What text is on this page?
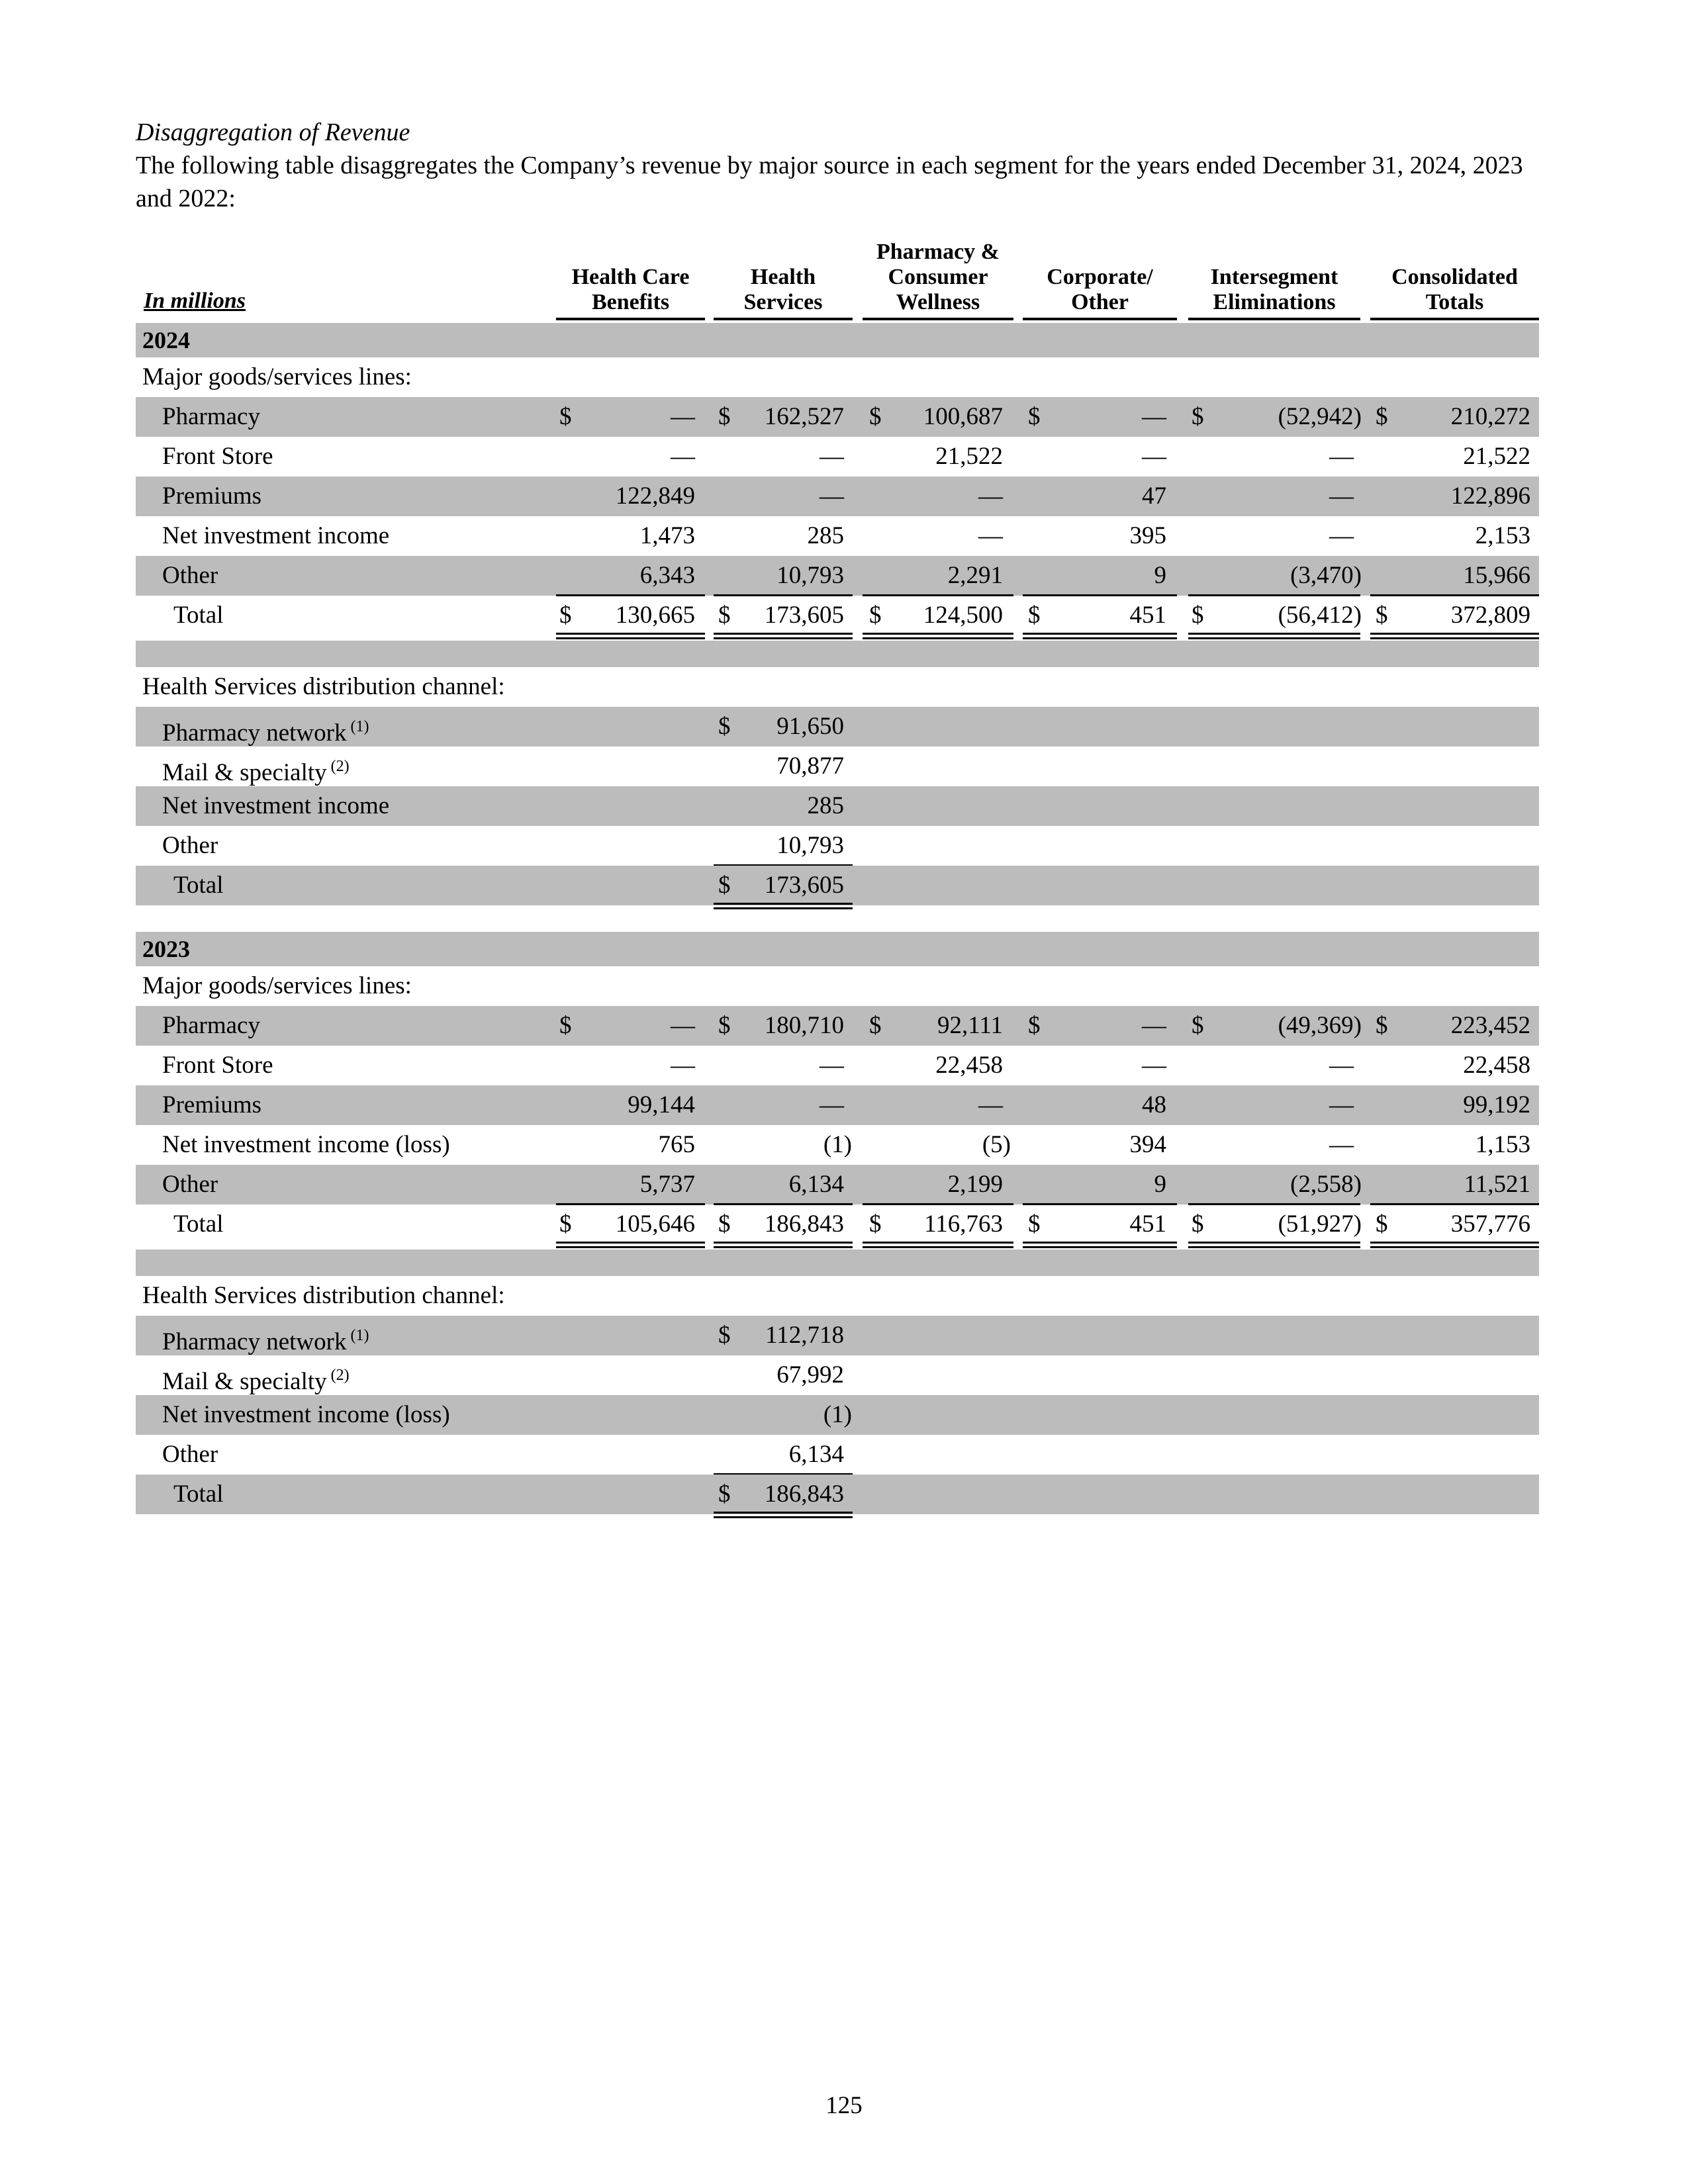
Disaggregation of Revenue
The following table disaggregates the Company’s revenue by major source in each segment for the years ended December 31, 2024, 2023 and 2022:
In millions
Health Care Benefits
Health Services
Pharmacy & Consumer Wellness
Corporate/ Other
Intersegment Eliminations
Consolidated Totals
2024
Major goods/services lines:
Pharmacy	$	— $	162,527 $	100,687 $	— $	(52,942) $	210,272
Front Store	—	—	21,522	—	—	21,522
Premiums	122,849	—	—	47	—	122,896
Net investment income	1,473	285	—	395	—	2,153
Other	6,343	10,793	2,291	9	(3,470)	15,966
Total	$	130,665 $	173,605 $	124,500 $	451 $	(56,412) $	372,809
Health Services distribution channel:
Pharmacy network $^{(1)}$	$	91,650
Mail & specialty $^{(2)}$	70,877
Net investment income	285
Other	10,793
Total	$	173,605
2023
Major goods/services lines:
Pharmacy	$	— $	180,710 $	92,111 $	— $	(49,369) $	223,452
Front Store	—	—	22,458	—	—	22,458
Premiums	99,144	—	—	48	—	99,192
Net investment income (loss)	765	(1)	(5)	394	—	1,153
Other	5,737	6,134	2,199	9	(2,558)	11,521
Total	$	105,646 $	186,843 $	116,763 $	451 $	(51,927) $	357,776
Health Services distribution channel:
Pharmacy network $^{(1)}$	$	112,718
Mail & specialty $^{(2)}$	67,992
Net investment income (loss)	(1)
Other	6,134
Total	$	186,843
125
